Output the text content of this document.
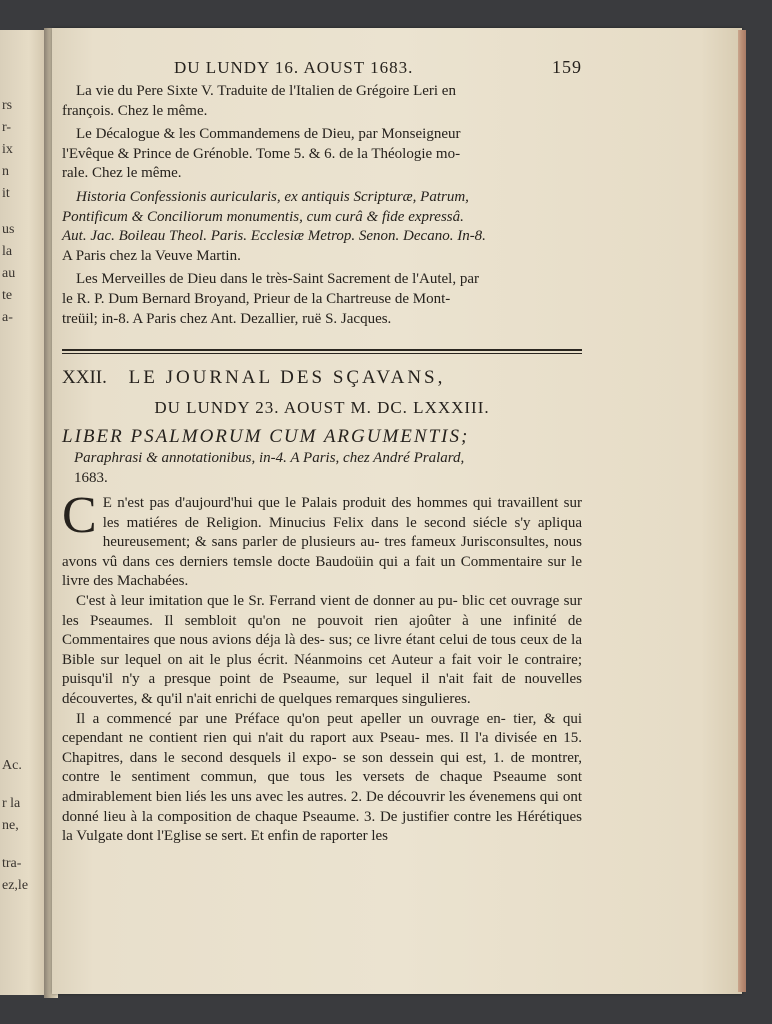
rs
r-
ix
n
it
us
la
au
te
a-
Ac.
r la
ne,
tra-
ez,le
DU LUNDY 16. AOUST 1683.	159

La vie du Pere Sixte V. Traduite de l'Italien de Grégoire Leri en
françois. Chez le même.

Le Décalogue & les Commandemens de Dieu, par Monseigneur
l'Evêque & Prince de Grénoble. Tome 5. & 6. de la Théologie mo-
rale. Chez le même.

Historia Confessionis auricularis, ex antiquis Scripturæ, Patrum,
Pontificum & Conciliorum monumentis, cum curâ & fide expressâ.
Aut. Jac. Boileau Theol. Paris. Ecclesiæ Metrop. Senon. Decano. In-8.
A Paris chez la Veuve Martin.

Les Merveilles de Dieu dans le très-Saint Sacrement de l'Autel, par
le R. P. Dum Bernard Broyand, Prieur de la Chartreuse de Mont-
treüil; in-8. A Paris chez Ant. Dezallier, ruë S. Jacques.

XXII. LE JOURNAL DES SÇAVANS,
DU LUNDY 23. AOUST M. DC. LXXXIII.
LIBER PSALMORUM CUM ARGUMENTIS;
Paraphrasi & annotationibus, in-4. A Paris, chez André Pralard,
1683.

C E n'est pas d'aujourd'hui que le Palais produit des hommes qui travaillent sur les matiéres de Religion. Minucius Felix dans le second siécle s'y apliqua heureusement; & sans parler de plusieurs au- tres fameux Jurisconsultes, nous avons vû dans ces derniers temsle docte Baudoüin qui a fait un Commentaire sur le livre des Machabées.

C'est à leur imitation que le Sr. Ferrand vient de donner au pu- blic cet ouvrage sur les Pseaumes. Il sembloit qu'on ne pouvoit rien ajoûter à une infinité de Commentaires que nous avions déja là des- sus; ce livre étant celui de tous ceux de la Bible sur lequel on ait le plus écrit. Néanmoins cet Auteur a fait voir le contraire; puisqu'il n'y a presque point de Pseaume, sur lequel il n'ait fait de nouvelles découvertes, & qu'il n'ait enrichi de quelques remarques singulieres.

Il a commencé par une Préface qu'on peut apeller un ouvrage en- tier, & qui cependant ne contient rien qui n'ait du raport aux Pseau- mes. Il l'a divisée en 15. Chapitres, dans le second desquels il expo- se son dessein qui est, 1. de montrer, contre le sentiment commun, que tous les versets de chaque Pseaume sont admirablement bien liés les uns avec les autres. 2. De découvrir les évenemens qui ont donné lieu à la composition de chaque Pseaume. 3. De justifier contre les Hérétiques la Vulgate dont l'Eglise se sert. Et enfin de raporter les
